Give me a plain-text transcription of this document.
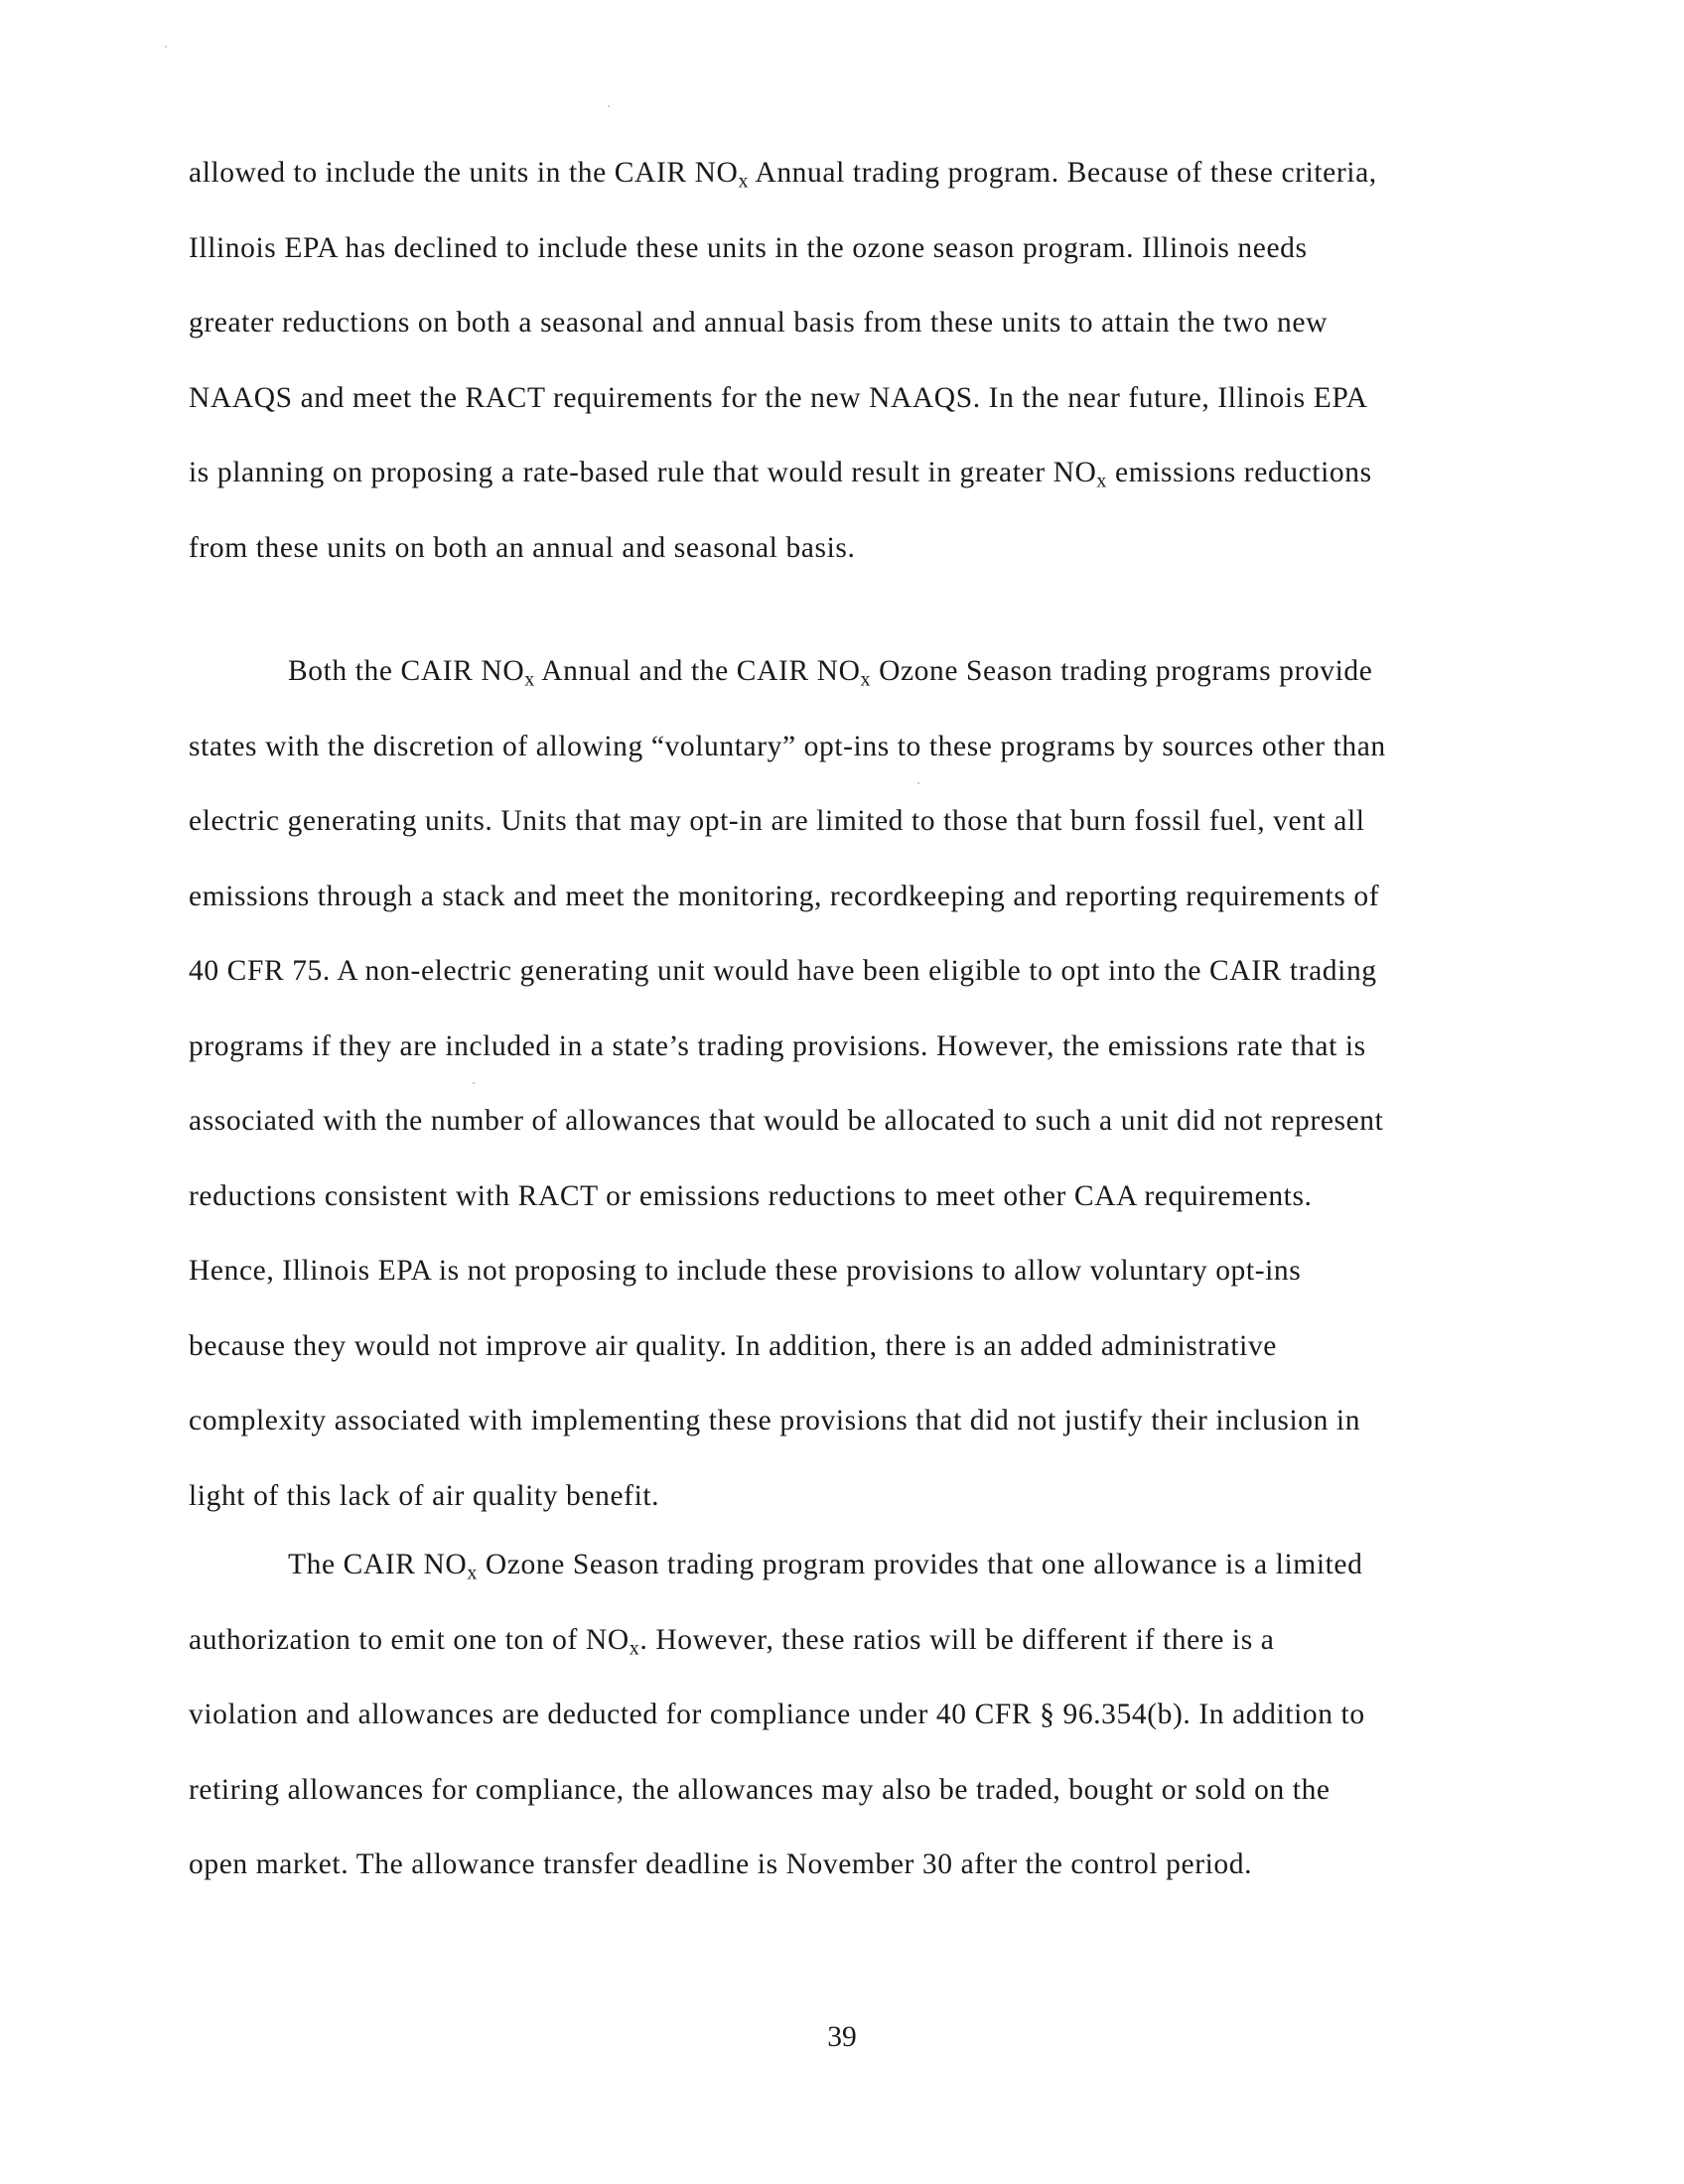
allowed to include the units in the CAIR $NO_x$ Annual trading program. Because of these criteria,
Illinois EPA has declined to include these units in the ozone season program. Illinois needs
greater reductions on both a seasonal and annual basis from these units to attain the two new
NAAQS and meet the RACT requirements for the new NAAQS. In the near future, Illinois EPA
is planning on proposing a rate-based rule that would result in greater $NO_x$ emissions reductions
from these units on both an annual and seasonal basis.
Both the CAIR $NO_x$ Annual and the CAIR $NO_x$ Ozone Season trading programs provide
states with the discretion of allowing “voluntary” opt-ins to these programs by sources other than
electric generating units. Units that may opt-in are limited to those that burn fossil fuel, vent all
emissions through a stack and meet the monitoring, recordkeeping and reporting requirements of
40 CFR 75. A non-electric generating unit would have been eligible to opt into the CAIR trading
programs if they are included in a state’s trading provisions. However, the emissions rate that is
associated with the number of allowances that would be allocated to such a unit did not represent
reductions consistent with RACT or emissions reductions to meet other CAA requirements.
Hence, Illinois EPA is not proposing to include these provisions to allow voluntary opt-ins
because they would not improve air quality. In addition, there is an added administrative
complexity associated with implementing these provisions that did not justify their inclusion in
light of this lack of air quality benefit.
The CAIR $NO_x$ Ozone Season trading program provides that one allowance is a limited
authorization to emit one ton of $NO_x$. However, these ratios will be different if there is a
violation and allowances are deducted for compliance under 40 CFR § 96.354(b). In addition to
retiring allowances for compliance, the allowances may also be traded, bought or sold on the
open market. The allowance transfer deadline is November 30 after the control period.
39
